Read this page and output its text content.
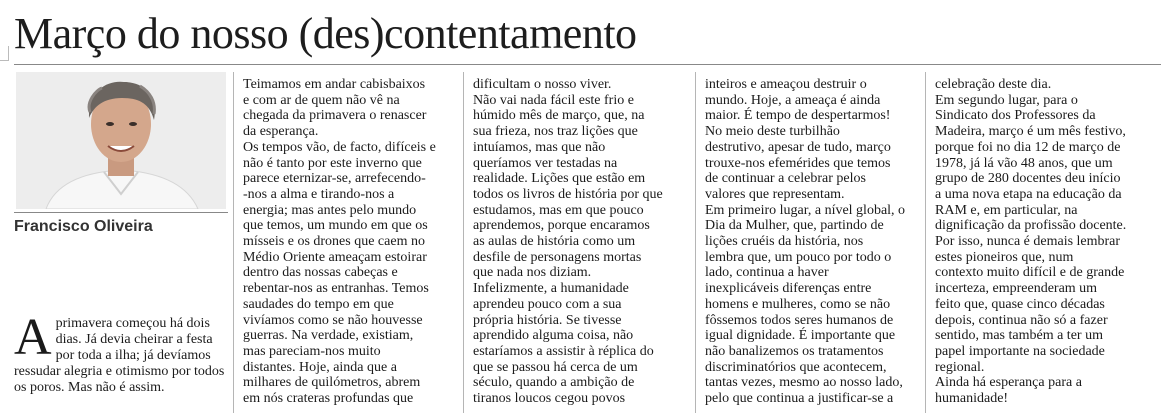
Março do nosso (des)contentamento
Francisco Oliveira
A primavera começou há dois dias. Já devia cheirar a festa por toda a ilha; já devíamos ressudar alegria e otimismo por todos os poros. Mas não é assim.

Teimamos em andar cabisbaixos

e com ar de quem não vê na

chegada da primavera o renascer

da esperança.

Os tempos vão, de facto, difíceis e

não é tanto por este inverno que

parece eternizar-se, arrefecendo-

-nos a alma e tirando-nos a

energia; mas antes pelo mundo

que temos, um mundo em que os

mísseis e os drones que caem no

Médio Oriente ameaçam estoirar

dentro das nossas cabeças e

rebentar-nos as entranhas. Temos

saudades do tempo em que

vivíamos como se não houvesse

guerras. Na verdade, existiam,

mas pareciam-nos muito

distantes. Hoje, ainda que a

milhares de quilómetros, abrem

em nós crateras profundas que

dificultam o nosso viver.

Não vai nada fácil este frio e

húmido mês de março, que, na

sua frieza, nos traz lições que

intuíamos, mas que não

queríamos ver testadas na

realidade. Lições que estão em

todos os livros de história por que

estudamos, mas em que pouco

aprendemos, porque encaramos

as aulas de história como um

desfile de personagens mortas

que nada nos diziam.

Infelizmente, a humanidade

aprendeu pouco com a sua

própria história. Se tivesse

aprendido alguma coisa, não

estaríamos a assistir à réplica do

que se passou há cerca de um

século, quando a ambição de

tiranos loucos cegou povos

inteiros e ameaçou destruir o

mundo. Hoje, a ameaça é ainda

maior. É tempo de despertarmos!

No meio deste turbilhão

destrutivo, apesar de tudo, março

trouxe-nos efemérides que temos

de continuar a celebrar pelos

valores que representam.

Em primeiro lugar, a nível global, o

Dia da Mulher, que, partindo de

lições cruéis da história, nos

lembra que, um pouco por todo o

lado, continua a haver

inexplicáveis diferenças entre

homens e mulheres, como se não

fôssemos todos seres humanos de

igual dignidade. É importante que

não banalizemos os tratamentos

discriminatórios que acontecem,

tantas vezes, mesmo ao nosso lado,

pelo que continua a justificar-se a

celebração deste dia.

Em segundo lugar, para o

Sindicato dos Professores da

Madeira, março é um mês festivo,

porque foi no dia 12 de março de

1978, já lá vão 48 anos, que um

grupo de 280 docentes deu início

a uma nova etapa na educação da

RAM e, em particular, na

dignificação da profissão docente.

Por isso, nunca é demais lembrar

estes pioneiros que, num

contexto muito difícil e de grande

incerteza, empreenderam um

feito que, quase cinco décadas

depois, continua não só a fazer

sentido, mas também a ter um

papel importante na sociedade

regional.

Ainda há esperança para a

humanidade!
